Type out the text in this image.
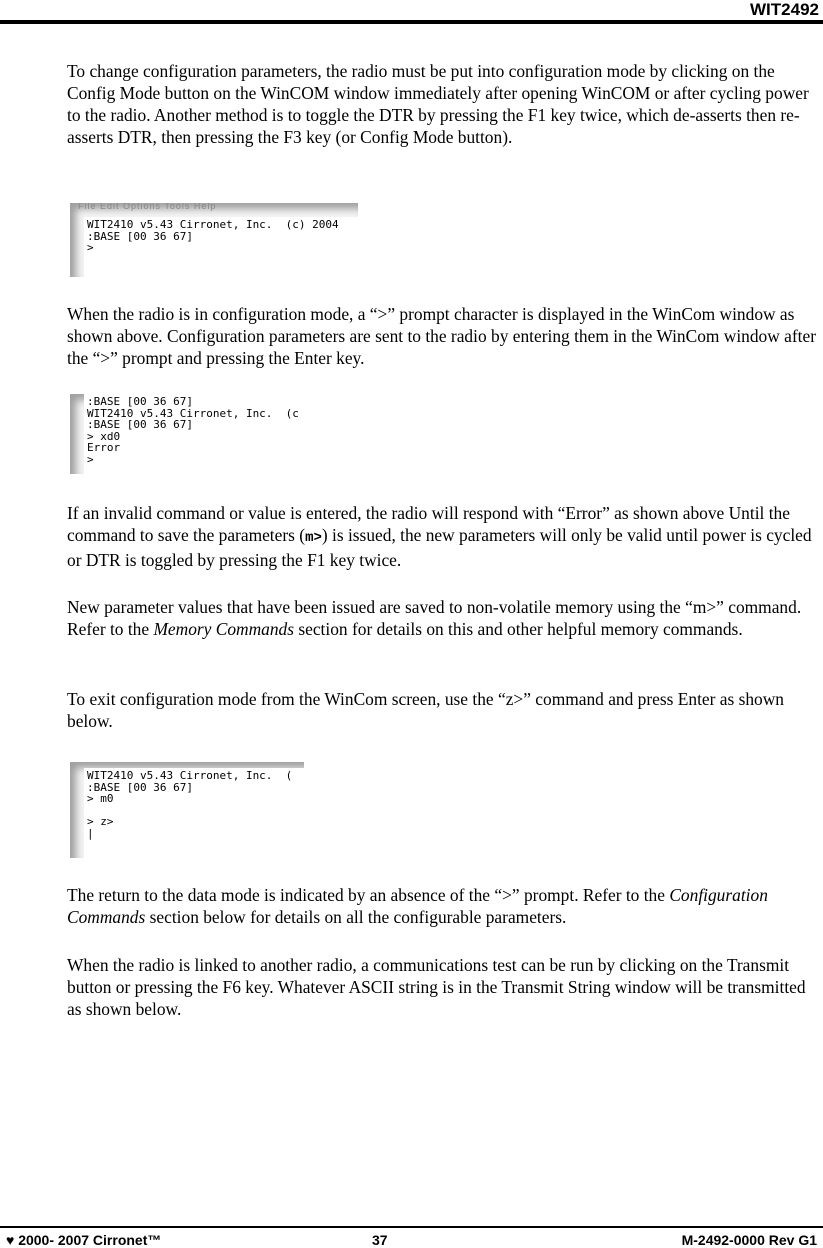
WIT2492

To change configuration parameters, the radio must be put into configuration mode by clicking on the Config Mode button on the WinCOM window immediately after opening WinCOM or after cycling power to the radio. Another method is to toggle the DTR by pressing the F1 key twice, which de-asserts then re-asserts DTR, then pressing the F3 key (or Config Mode button).

File Edit Options Tools Help
WIT2410 v5.43 Cirronet, Inc.  (c) 2004
:BASE [00 36 67]
>

When the radio is in configuration mode, a “>” prompt character is displayed in the WinCom window as shown above. Configuration parameters are sent to the radio by entering them in the WinCom window after the “>” prompt and pressing the Enter key.

:BASE [00 36 67]
WIT2410 v5.43 Cirronet, Inc.  (c
:BASE [00 36 67]
> xd0
Error
>

If an invalid command or value is entered, the radio will respond with “Error” as shown above Until the command to save the parameters (m>) is issued, the new parameters will only be valid until power is cycled or DTR is toggled by pressing the F1 key twice.

New parameter values that have been issued are saved to non-volatile memory using the “m>” command. Refer to the Memory Commands section for details on this and other helpful memory commands.

To exit configuration mode from the WinCom screen, use the “z>” command and press Enter as shown below.

WIT2410 v5.43 Cirronet, Inc.  (
:BASE [00 36 67]
> m0

> z>
|

The return to the data mode is indicated by an absence of the “>” prompt. Refer to the Configuration Commands section below for details on all the configurable parameters.

When the radio is linked to another radio, a communications test can be run by clicking on the Transmit button or pressing the F6 key. Whatever ASCII string is in the Transmit String window will be transmitted as shown below.

♥ 2000- 2007 Cirronet™	37	M-2492-0000 Rev G1
